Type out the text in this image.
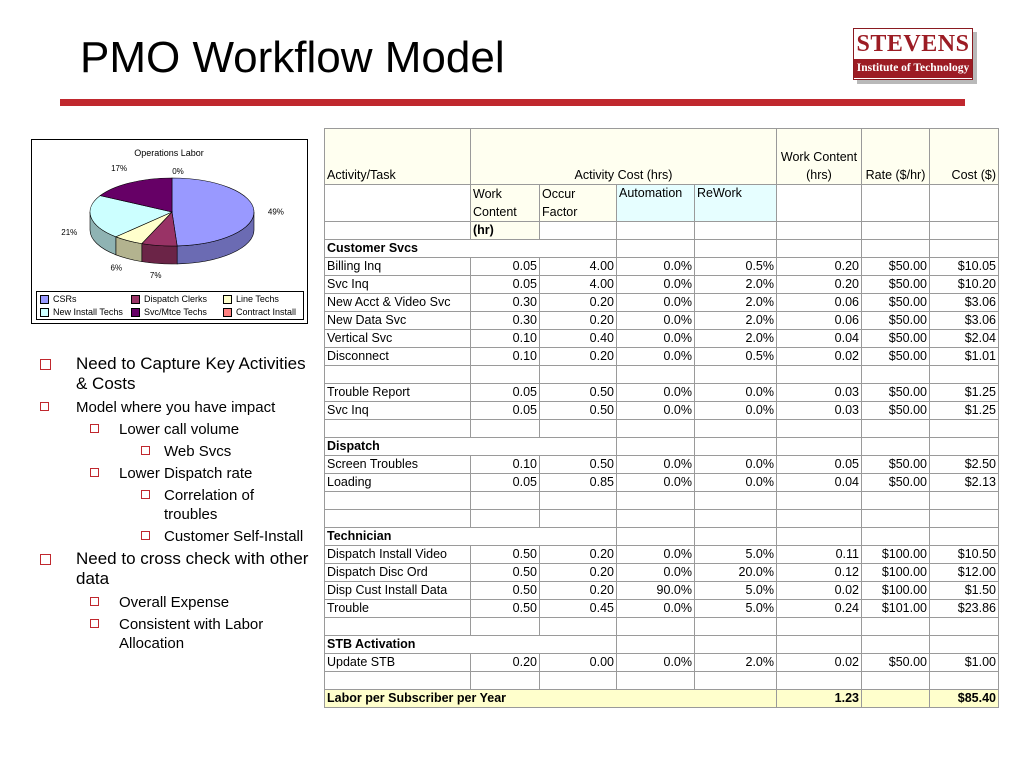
PMO Workflow Model	STEVENS
Institute of Technology
Operations Labor
49%
7%
6%
21%
17%	0%
CSRs	Dispatch Clerks	Line Techs
New Install Techs Svc/Mtce Techs	Contract Install
Need to Capture Key Activities & Costs
Model where you have impact
Lower call volume
Web Svcs
Lower Dispatch rate
Correlation of troubles
Customer Self-Install
Need to cross check with other data
Overall Expense
Consistent with Labor Allocation
Activity/Task	Activity Cost (hrs)				Work Content (hrs)	Rate ($/hr)	Cost ($)
	Work Content	Occur Factor	Automation	ReWork			
	(hr)						
Customer Svcs							
Billing Inq	0.05	4.00	0.0%	0.5%	0.20	$50.00	$10.05
Svc Inq	0.05	4.00	0.0%	2.0%	0.20	$50.00	$10.20
New Acct & Video Svc	0.30	0.20	0.0%	2.0%	0.06	$50.00	$3.06
New Data Svc	0.30	0.20	0.0%	2.0%	0.06	$50.00	$3.06
Vertical Svc	0.10	0.40	0.0%	2.0%	0.04	$50.00	$2.04
Disconnect	0.10	0.20	0.0%	0.5%	0.02	$50.00	$1.01

Trouble Report	0.05	0.50	0.0%	0.0%	0.03	$50.00	$1.25
Svc Inq	0.05	0.50	0.0%	0.0%	0.03	$50.00	$1.25

Dispatch							
Screen Troubles	0.10	0.50	0.0%	0.0%	0.05	$50.00	$2.50
Loading	0.05	0.85	0.0%	0.0%	0.04	$50.00	$2.13

Technician							
Dispatch Install Video	0.50	0.20	0.0%	5.0%	0.11	$100.00	$10.50
Dispatch Disc Ord	0.50	0.20	0.0%	20.0%	0.12	$100.00	$12.00
Disp Cust Install Data	0.50	0.20	90.0%	5.0%	0.02	$100.00	$1.50
Trouble	0.50	0.45	0.0%	5.0%	0.24	$101.00	$23.86

STB Activation							
Update STB	0.20	0.00	0.0%	2.0%	0.02	$50.00	$1.00

Labor per Subscriber per Year					1.23		$85.40
